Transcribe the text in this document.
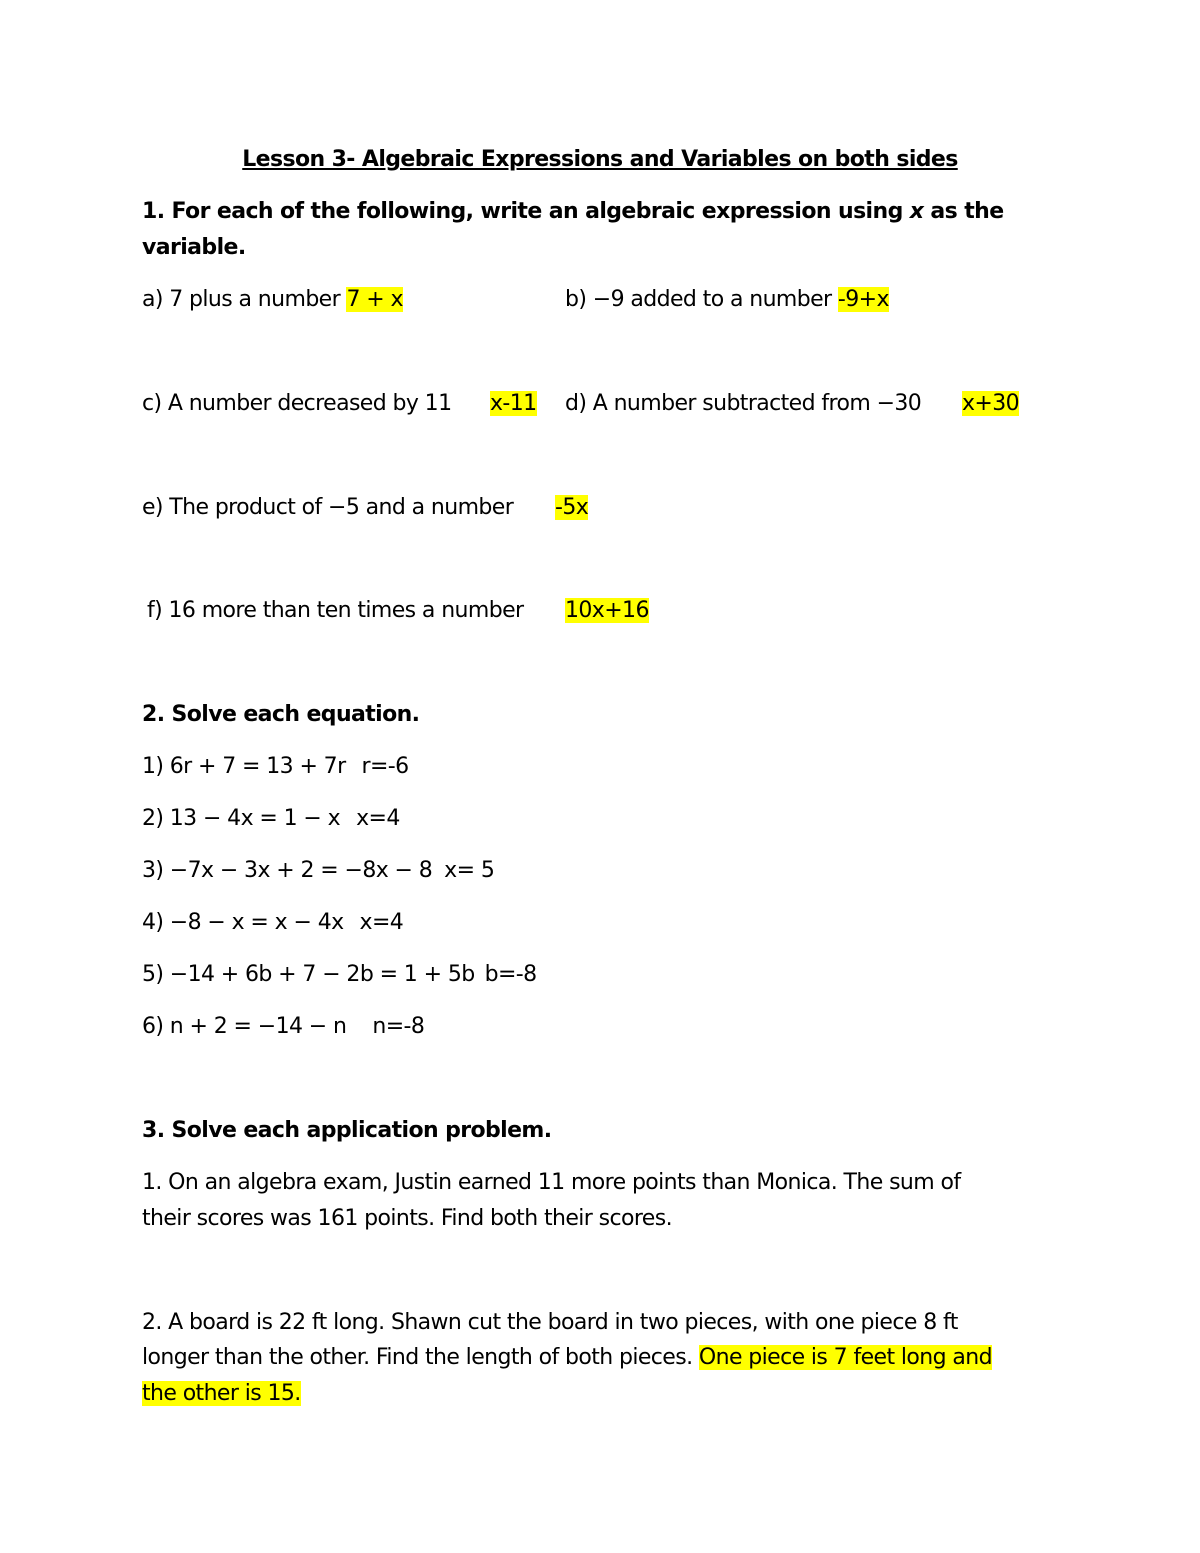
Lesson 3- Algebraic Expressions and Variables on both sides
1. For each of the following, write an algebraic expression using x as the
variable.
a) 7 plus a number 7 + x	b) −9 added to a number -9+x
c) A number decreased by 11 x-11 d) A number subtracted from −30 x+30
e) The product of −5 and a number -5x
f) 16 more than ten times a number 10x+16
2. Solve each equation.
1) 6r + 7 = 13 + 7r r=-6
2) 13 − 4x = 1 − x x=4
3) −7x − 3x + 2 = −8x − 8 x= 5
4) −8 − x = x − 4x x=4
5) −14 + 6b + 7 − 2b = 1 + 5b b=-8
6) n + 2 = −14 − n n=-8
3. Solve each application problem.
1. On an algebra exam, Justin earned 11 more points than Monica. The sum of
their scores was 161 points. Find both their scores.
2. A board is 22 ft long. Shawn cut the board in two pieces, with one piece 8 ft
longer than the other. Find the length of both pieces. One piece is 7 feet long and
the other is 15.
